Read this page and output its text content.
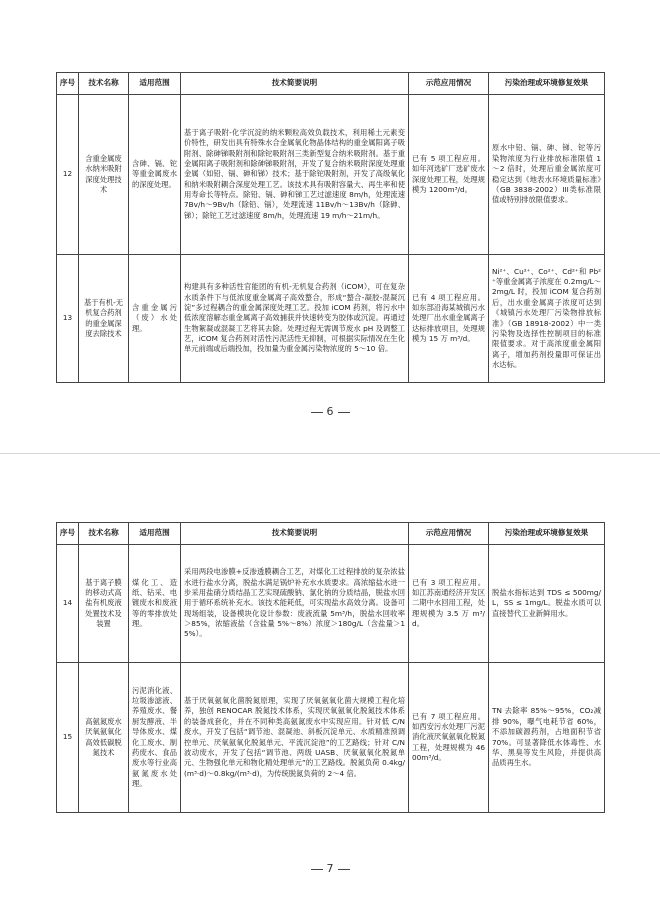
序号	技术名称	适用范围	技术简要说明	示范应用情况	污染治理或环境修复效果
12	含重金属废水纳米吸附深度处理技术	含砷、镉、铊等重金属废水的深度处理。	基于离子吸附-化学沉淀的纳米颗粒高效负载技术，利用稀土元素变价特性，研发出具有特殊水合金属氧化物晶体结构的重金属阳离子吸附剂、除砷锑吸附剂和除铊吸附剂三类新型复合纳米吸附剂。基于重金属阳离子吸附剂和除砷锑吸附剂，开发了复合纳米吸附深度处理重金属（如铅、镉、砷和锑）技术；基于除铊吸附剂，开发了高级氧化和纳米吸附耦合深度处理工艺。该技术具有吸附容量大、再生率和使用寿命长等特点。除铅、镉、砷和锑工艺过滤速度 8m/h，处理流速 7Bv/h～9Bv/h（除铅、镉），处理流速 11Bv/h～13Bv/h（除砷、锑）；除铊工艺过滤速度 8m/h，处理流速 19 m/h～21m/h。	已有 5 项工程应用。如年河选矿厂选矿废水深度处理工程，处理规模为 1200m³/d。	原水中铅、镉、砷、锑、铊等污染物浓度为行业排放标准限值 1～2 倍时，处理后重金属浓度可稳定达到《地表水环境质量标准》（GB 3838-2002）III类标准限值或特别排放限值要求。
13	基于有机-无机复合药剂的重金属深度去除技术	含重金属污（废）水处理。	构建具有多种活性官能团的有机-无机复合药剂（iCOM），可在复杂水质条件下与低浓度重金属离子高效螯合，形成“螯合-凝胶-混凝沉淀”多过程耦合的重金属深度处理工艺。投加 iCOM 药剂，将污水中低浓度溶解态重金属离子高效捕获并快速转变为胶体或沉淀。再通过生物絮凝或混凝工艺将其去除。处理过程无需调节废水 pH 及调整工艺，iCOM 复合药剂对活性污泥活性无抑制，可根据实际情况在生化单元前端或后端投加，投加量为重金属污染物浓度的 5～10 倍。	已有 4 项工程应用。如东部沿海某城镇污水处理厂出水重金属离子达标排放项目，处理规模为 15 万 m³/d。	Ni²⁺、Cu²⁺、Co²⁺、Cd²⁺和 Pb²⁺等重金属离子浓度在 0.2mg/L～2mg/L 时，投加 iCOM 复合药剂后，出水重金属离子浓度可达到《城镇污水处理厂污染物排放标准》（GB 18918-2002）中一类污染物及选择性控制项目的标准限值要求。对于高浓度重金属阳离子，增加药剂投量即可保证出水达标。
6
序号	技术名称	适用范围	技术简要说明	示范应用情况	污染治理或环境修复效果
14	基于离子膜的移动式高盐有机废液处置技术及装置	煤化工、造纸、钻采、电镀废水和废液等的零排放处理。	采用两段电渗膜+反渗透膜耦合工艺，对煤化工过程排放的复杂浓盐水进行盐水分离，脱盐水满足锅炉补充水水质要求。高浓缩盐水进一步采用盐硝分质结晶工艺实现硫酸钠、氯化钠的分质结晶，脱盐水回用于循环系统补充水。该技术能耗低，可实现盐水高效分离。设备可现场组装，设备模块化设计参数：废液流量 5m³/h，脱盐水回收率＞85%，浓缩液盐（含盐量 5%～8%）浓度＞180g/L（含盐量＞15%）。	已有 3 项工程应用。如江苏南通经济开发区二期中水回用工程，处理规模为 3.5 万 m³/d。	脱盐水指标达到 TDS ≤ 500mg/L，SS ≤ 1mg/L。脱盐水质可以直接替代工业新鲜用水。
15	高氨氮废水厌氧氨氧化高效低碳脱氮技术	污泥消化液、垃圾渗滤液、养殖废水、餐厨发酵液、半导体废水、煤化工废水、制药废水、食品废水等行业高氨氮废水处理。	基于厌氧氨氧化菌脱氮原理，实现了厌氧氨氧化菌大规模工程化培养，独创 RENOCAR 脱氮技术体系，实现厌氧氨氧化脱氮技术体系的装备成套化，并在不同种类高氨氮废水中实现应用。针对低 C/N 废水，开发了包括“调节池、混凝池、斜板沉淀单元、水质精准预调控单元、厌氧氨氧化脱氮单元、平流沉淀池”的工艺路线；针对 C/N 波动废水，开发了包括“调节池、两级 UASB、厌氧氨氧化脱氮单元、生物强化单元和物化精处理单元”的工艺路线。脱氮负荷 0.4kg/(m³·d)～0.8kg/(m³·d)，为传统脱氮负荷的 2～4 倍。	已有 7 项工程应用。如西安污水处理厂污泥消化液厌氧氨氧化脱氮工程，处理规模为 4600m³/d。	TN 去除率 85%～95%，CO₂减排 90%，曝气电耗节省 60%，不添加碳源药剂，占地面积节省 70%。可显著降低水体毒性、水华、黑臭等发生风险，并提供高品质再生水。
7
